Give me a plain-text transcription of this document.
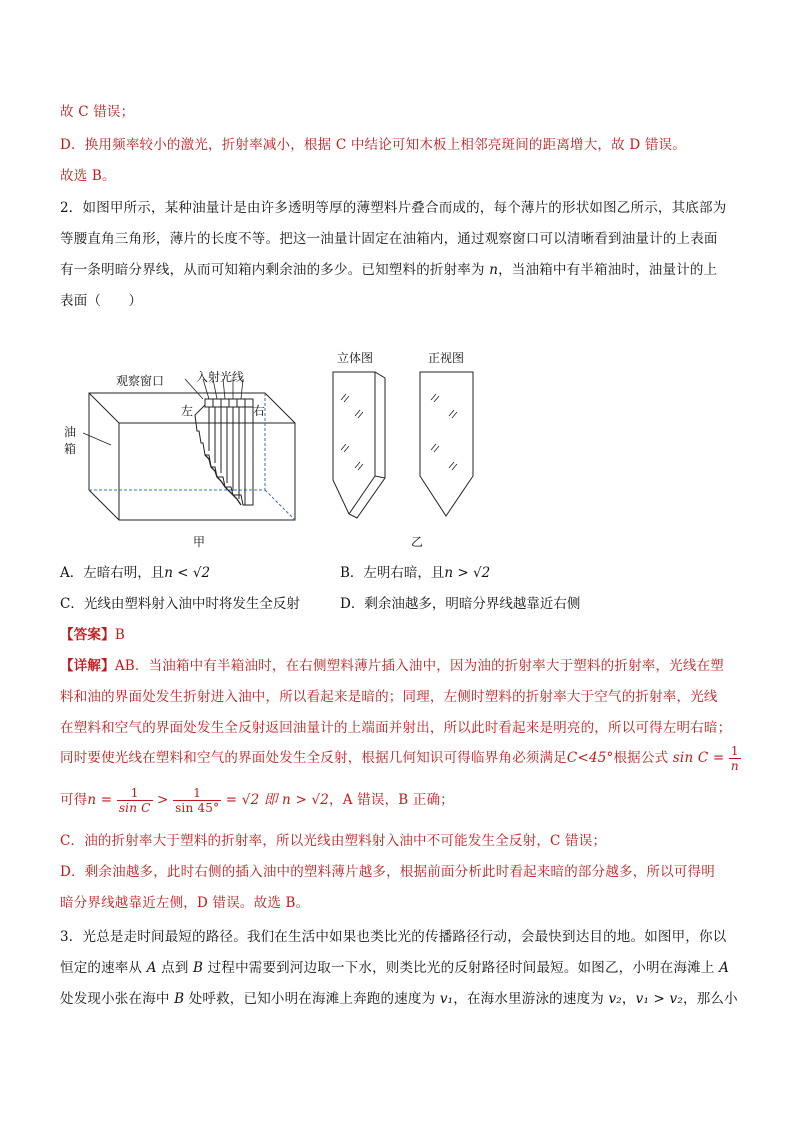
故 C 错误；
D．换用频率较小的激光，折射率减小，根据 C 中结论可知木板上相邻亮斑间的距离增大，故 D 错误。
故选 B。
2．如图甲所示，某种油量计是由许多透明等厚的薄塑料片叠合而成的，每个薄片的形状如图乙所示，其底部为
等腰直角三角形，薄片的长度不等。把这一油量计固定在油箱内，通过观察窗口可以清晰看到油量计的上表面
有一条明暗分界线，从而可知箱内剩余油的多少。已知塑料的折射率为 n，当油箱中有半箱油时，油量计的上
表面（　　）
观察窗口	入射光线
左	右
油
箱
甲
立体图	正视图
乙
A．左暗右明，且n < √2	B．左明右暗，且n > √2
C．光线由塑料射入油中时将发生全反射	D．剩余油越多，明暗分界线越靠近右侧
【答案】B
【详解】AB．当油箱中有半箱油时，在右侧塑料薄片插入油中，因为油的折射率大于塑料的折射率，光线在塑
料和油的界面处发生折射进入油中，所以看起来是暗的；同理，左侧时塑料的折射率大于空气的折射率，光线
在塑料和空气的界面处发生全反射返回油量计的上端面并射出，所以此时看起来是明亮的，所以可得左明右暗；
同时要使光线在塑料和空气的界面处发生全反射，根据几何知识可得临界角必须满足C<45°根据公式 $\sin C = \frac{1}{n}$
可得$n = \frac{1}{\text{sin C}} > \frac{1}{\sin 45^\circ} = √2$ 即 n > √2，A 错误，B 正确；
C．油的折射率大于塑料的折射率，所以光线由塑料射入油中不可能发生全反射，C 错误；
D．剩余油越多，此时右侧的插入油中的塑料薄片越多，根据前面分析此时看起来暗的部分越多，所以可得明
暗分界线越靠近左侧，D 错误。故选 B。
3．光总是走时间最短的路径。我们在生活中如果也类比光的传播路径行动，会最快到达目的地。如图甲，你以
恒定的速率从 A 点到 B 过程中需要到河边取一下水，则类比光的反射路径时间最短。如图乙，小明在海滩上 A
处发现小张在海中 B 处呼救，已知小明在海滩上奔跑的速度为 v₁，在海水里游泳的速度为 v₂，v₁ > v₂，那么小
